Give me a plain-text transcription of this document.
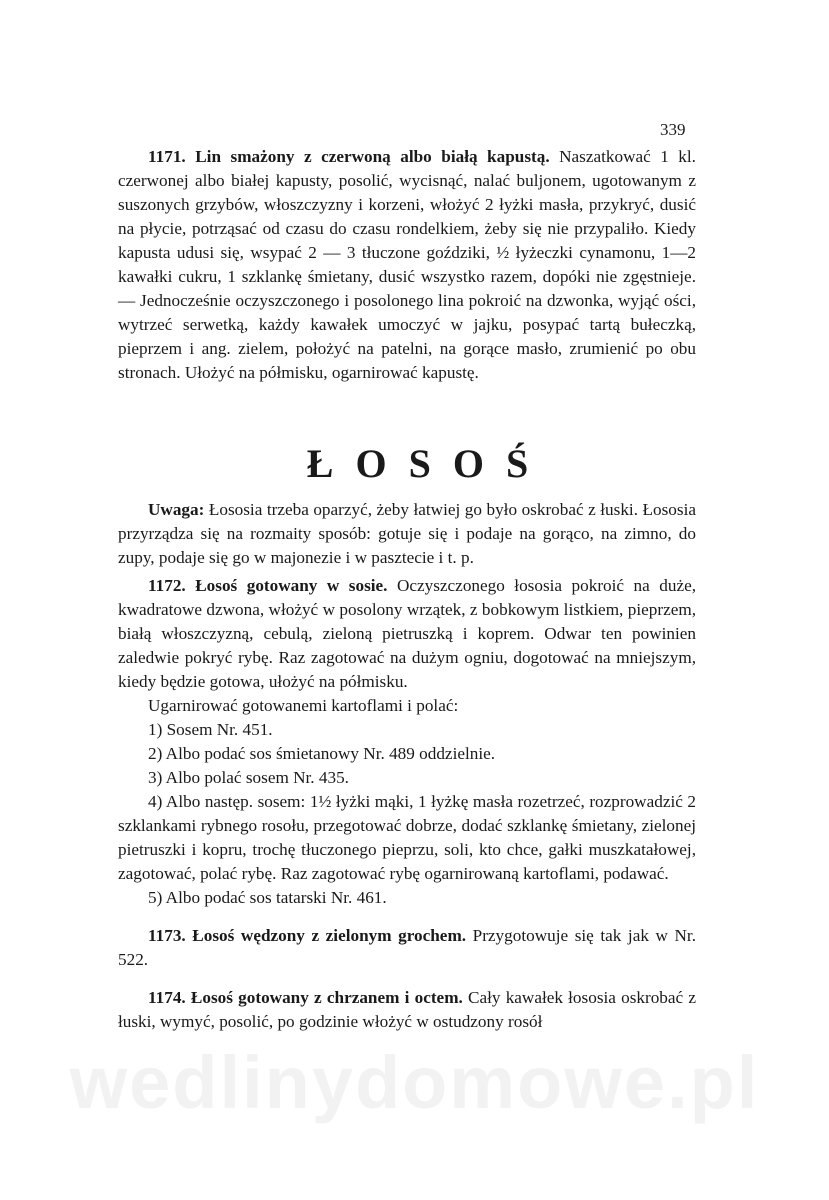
wedlinydomowe.pl
339

1171. Lin smażony z czerwoną albo białą kapustą. Naszatkować 1 kl. czerwonej albo białej kapusty, posolić, wycisnąć, nalać buljonem, ugotowanym z suszonych grzybów, włoszczyzny i korzeni, włożyć 2 łyżki masła, przykryć, dusić na płycie, potrząsać od czasu do czasu rondelkiem, żeby się nie przypaliło. Kiedy kapusta udusi się, wsypać 2 — 3 tłuczone goździki, ½ łyżeczki cynamonu, 1—2 kawałki cukru, 1 szklankę śmietany, dusić wszystko razem, dopóki nie zgęstnieje. — Jednocześnie oczyszczonego i posolonego lina pokroić na dzwonka, wyjąć ości, wytrzeć serwetką, każdy kawałek umoczyć w jajku, posypać tartą bułeczką, pieprzem i ang. zielem, położyć na patelni, na gorące masło, zrumienić po obu stronach. Ułożyć na półmisku, ogarnirować kapustę.

ŁOSOŚ

Uwaga: Łososia trzeba oparzyć, żeby łatwiej go było oskrobać z łuski. Łososia przyrządza się na rozmaity sposób: gotuje się i podaje na gorąco, na zimno, do zupy, podaje się go w majonezie i w pasztecie i t. p.

1172. Łosoś gotowany w sosie. Oczyszczonego łososia pokroić na duże, kwadratowe dzwona, włożyć w posolony wrzątek, z bobkowym listkiem, pieprzem, białą włoszczyzną, cebulą, zieloną pietruszką i koprem. Odwar ten powinien zaledwie pokryć rybę. Raz zagotować na dużym ogniu, dogotować na mniejszym, kiedy będzie gotowa, ułożyć na półmisku.

Ugarnirować gotowanemi kartoflami i polać:

1) Sosem Nr. 451.

2) Albo podać sos śmietanowy Nr. 489 oddzielnie.

3) Albo polać sosem Nr. 435.

4) Albo następ. sosem: 1½ łyżki mąki, 1 łyżkę masła rozetrzeć, rozprowadzić 2 szklankami rybnego rosołu, przegotować dobrze, dodać szklankę śmietany, zielonej pietruszki i kopru, trochę tłuczonego pieprzu, soli, kto chce, gałki muszkatałowej, zagotować, polać rybę. Raz zagotować rybę ogarnirowaną kartoflami, podawać.

5) Albo podać sos tatarski Nr. 461.

1173. Łosoś wędzony z zielonym grochem. Przygotowuje się tak jak w Nr. 522.

1174. Łosoś gotowany z chrzanem i octem. Cały kawałek łososia oskrobać z łuski, wymyć, posolić, po godzinie włożyć w ostudzony rosół
